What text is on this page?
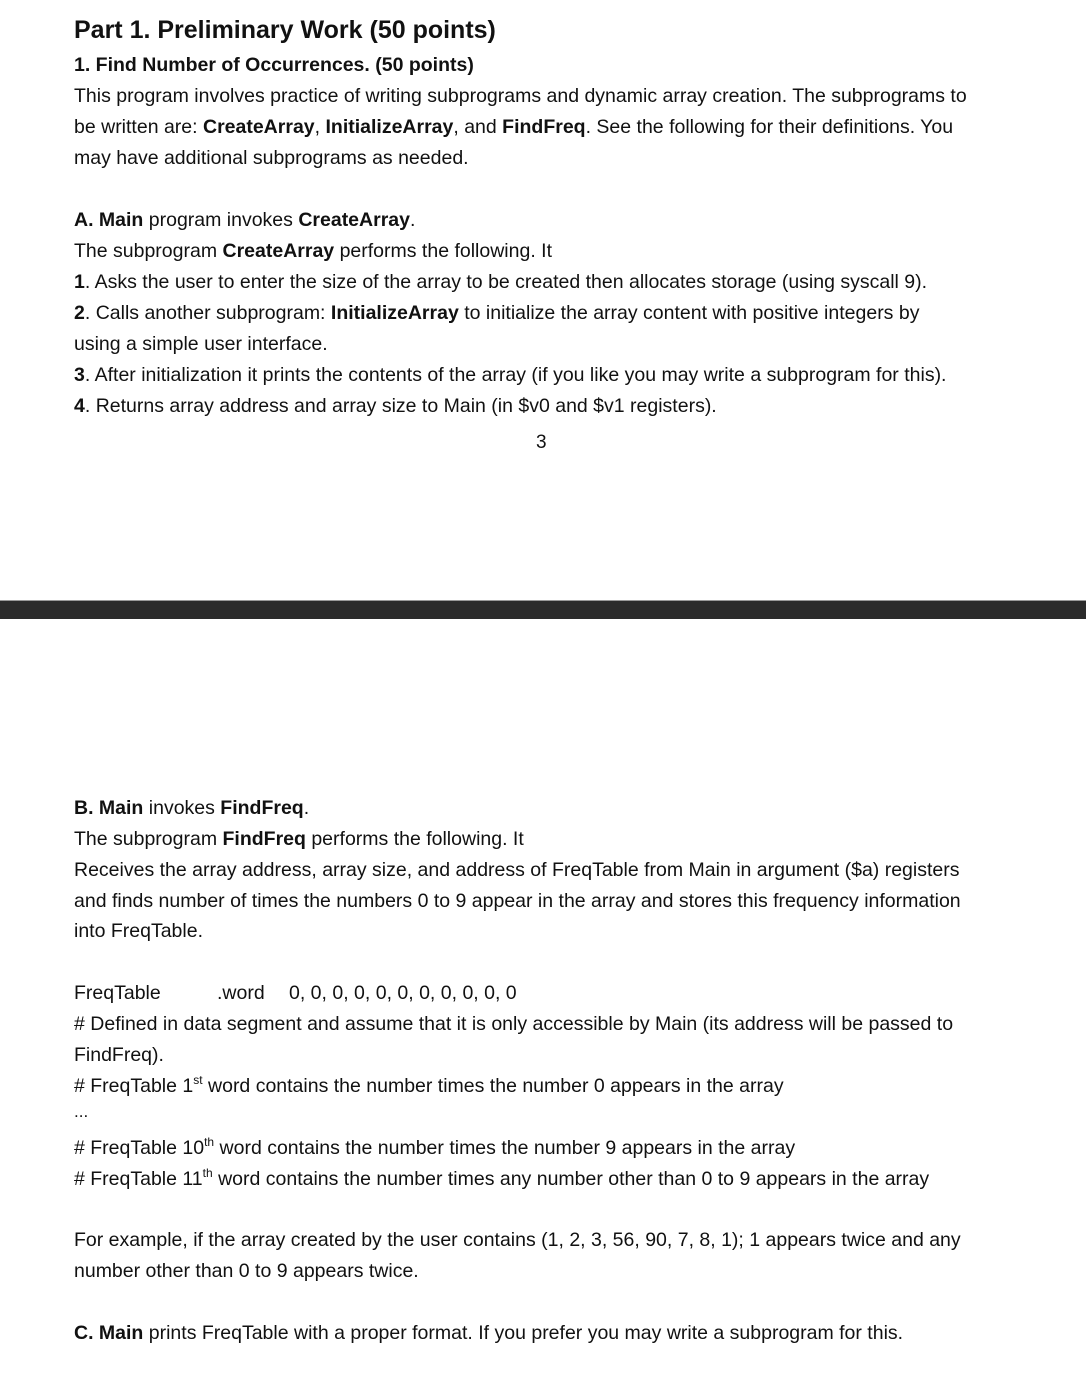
Part 1. Preliminary Work (50 points)
1. Find Number of Occurrences. (50 points)
This program involves practice of writing subprograms and dynamic array creation. The subprograms to
be written are: CreateArray, InitializeArray, and FindFreq. See the following for their definitions. You
may have additional subprograms as needed.
A. Main program invokes CreateArray.
The subprogram CreateArray performs the following. It
1. Asks the user to enter the size of the array to be created then allocates storage (using syscall 9).
2. Calls another subprogram: InitializeArray to initialize the array content with positive integers by
using a simple user interface.
3. After initialization it prints the contents of the array (if you like you may write a subprogram for this).
4. Returns array address and array size to Main (in $v0 and $v1 registers).
3
B. Main invokes FindFreq.
The subprogram FindFreq performs the following. It
Receives the array address, array size, and address of FreqTable from Main in argument ($a) registers
and finds number of times the numbers 0 to 9 appear in the array and stores this frequency information
into FreqTable.
FreqTable	.word 0, 0, 0, 0, 0, 0, 0, 0, 0, 0, 0
# Defined in data segment and assume that it is only accessible by Main (its address will be passed to
FindFreq).
# FreqTable 1st word contains the number times the number 0 appears in the array
...
# FreqTable 10th word contains the number times the number 9 appears in the array
# FreqTable 11th word contains the number times any number other than 0 to 9 appears in the array
For example, if the array created by the user contains (1, 2, 3, 56, 90, 7, 8, 1); 1 appears twice and any
number other than 0 to 9 appears twice.
C. Main prints FreqTable with a proper format. If you prefer you may write a subprogram for this.
